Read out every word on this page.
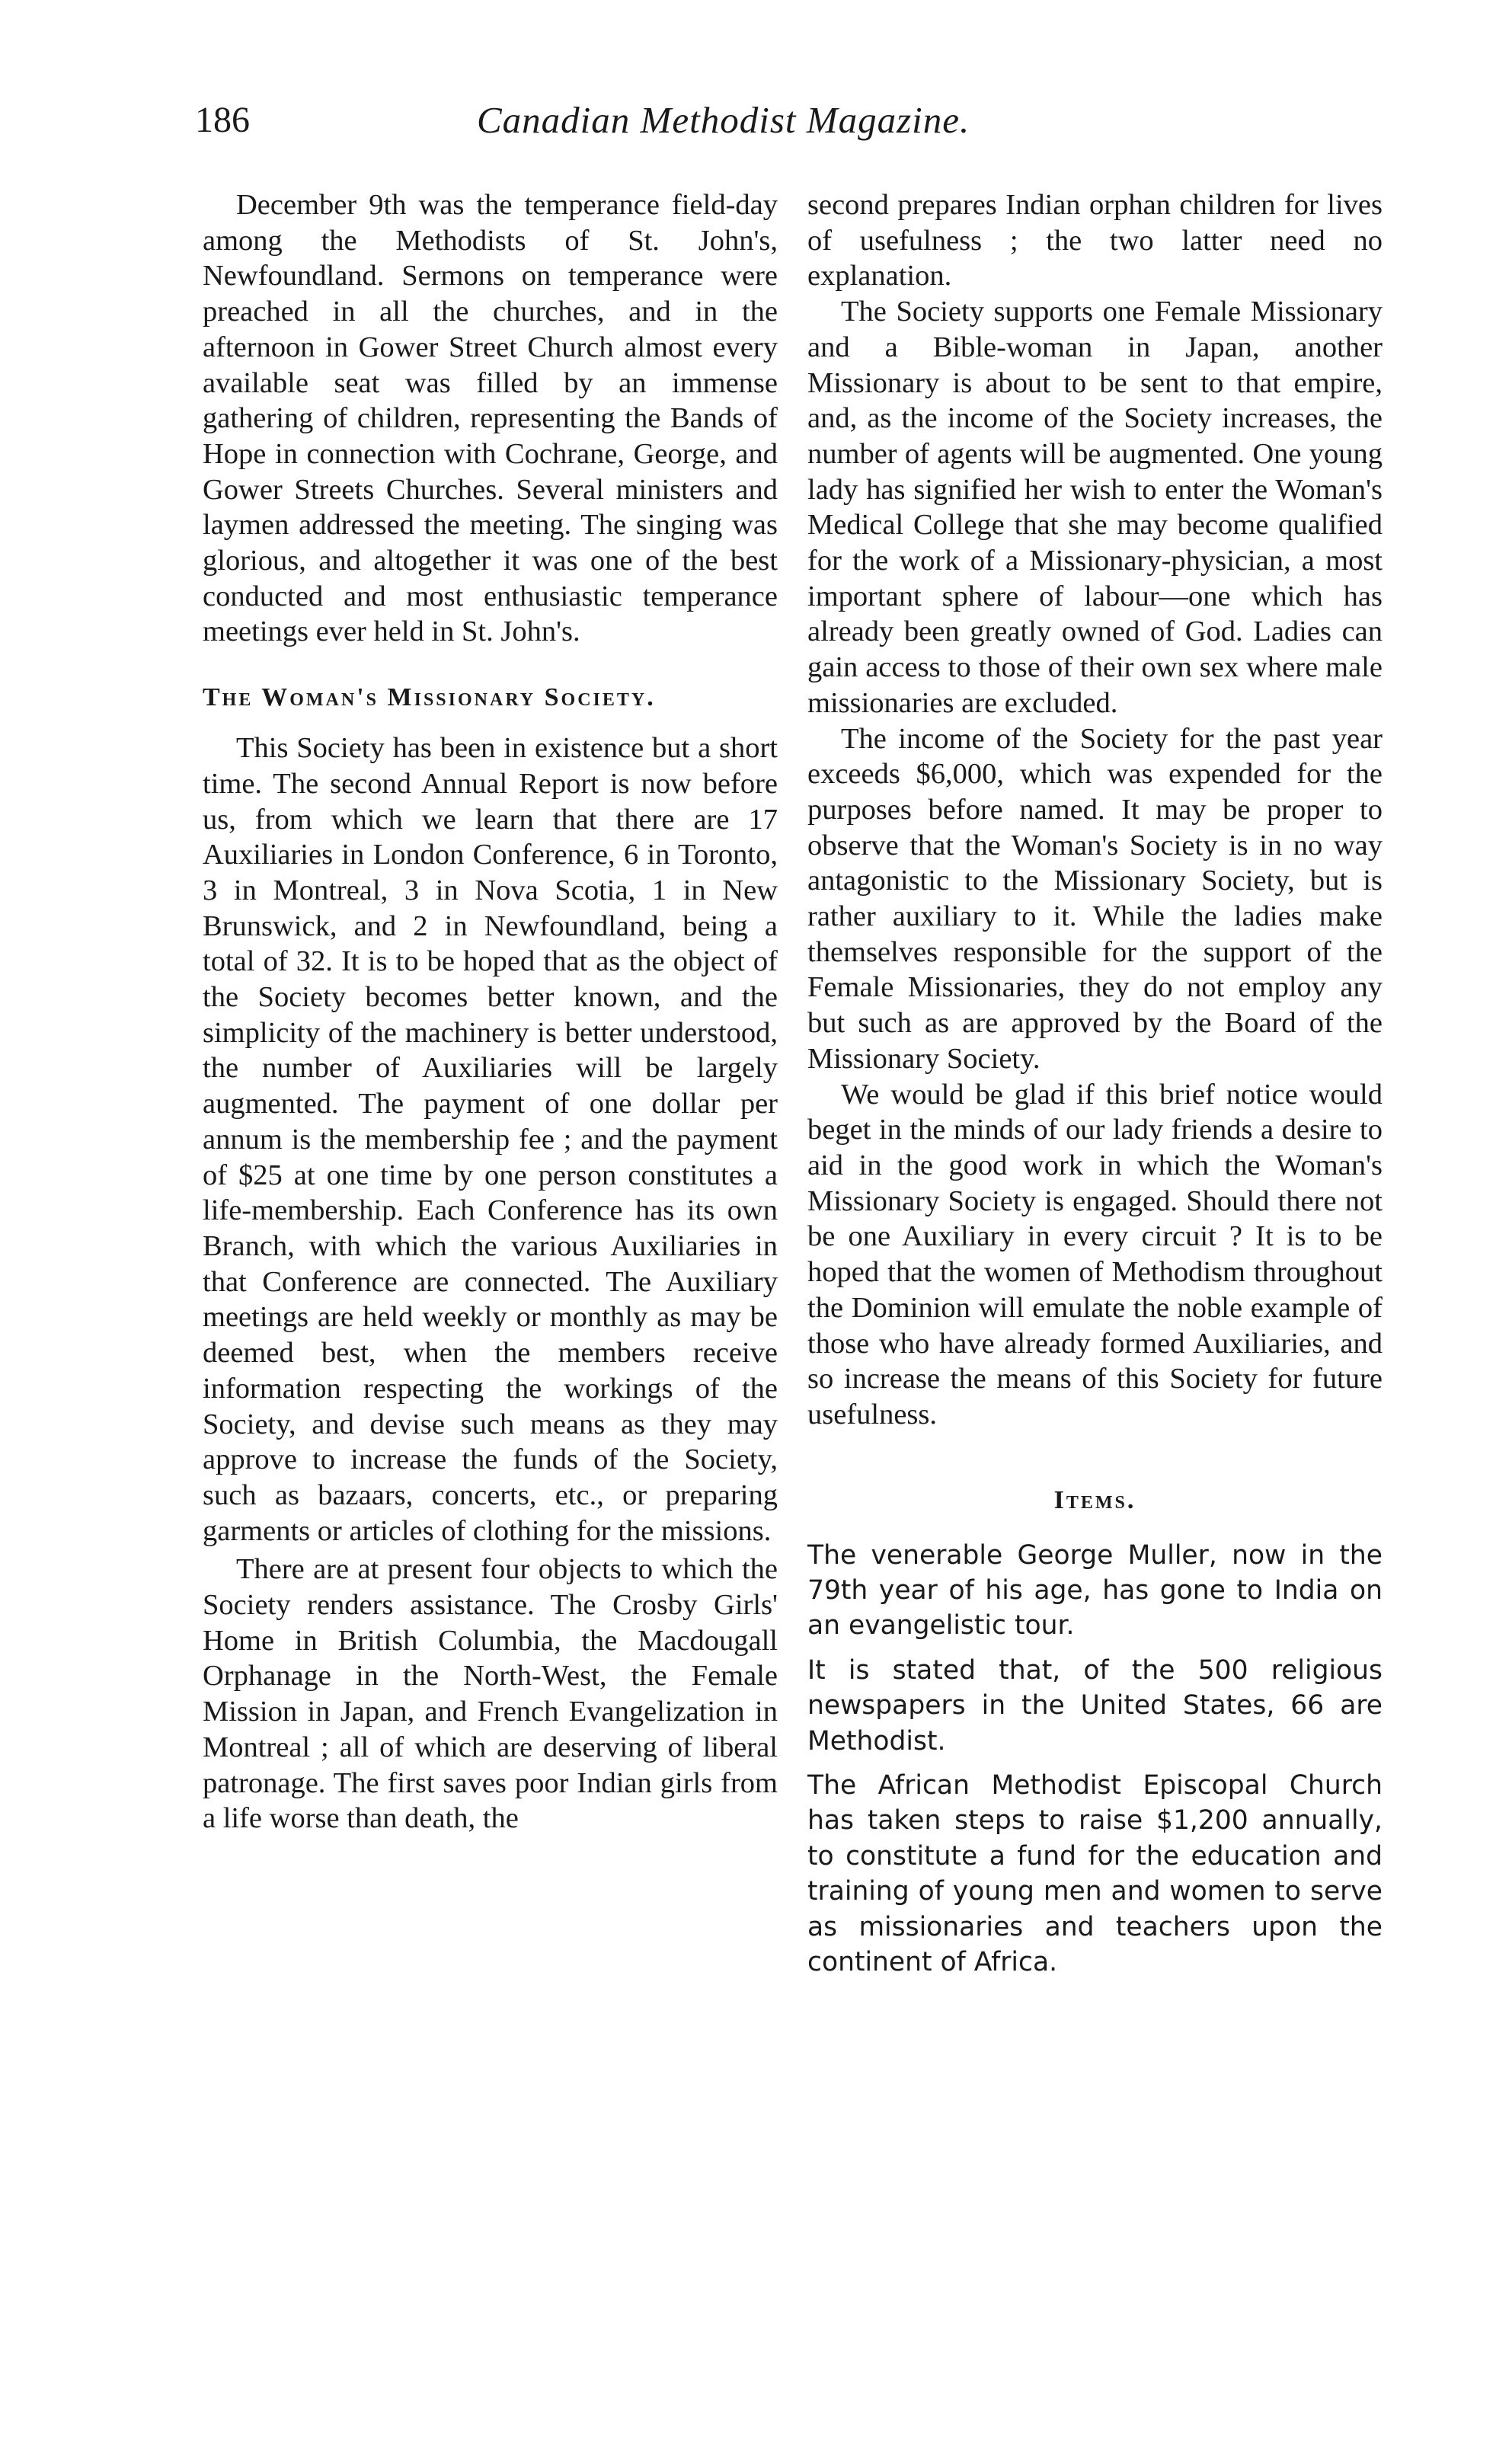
186	Canadian Methodist Magazine.

December 9th was the temperance field-day among the Methodists of St. John's, Newfoundland. Sermons on temperance were preached in all the churches, and in the afternoon in Gower Street Church almost every available seat was filled by an immense gathering of children, representing the Bands of Hope in connection with Cochrane, George, and Gower Streets Churches. Several ministers and laymen addressed the meeting. The singing was glorious, and altogether it was one of the best conducted and most enthusiastic temperance meetings ever held in St. John's.

The Woman's Missionary Society.

This Society has been in existence but a short time. The second Annual Report is now before us, from which we learn that there are 17 Auxiliaries in London Conference, 6 in Toronto, 3 in Montreal, 3 in Nova Scotia, 1 in New Brunswick, and 2 in Newfoundland, being a total of 32. It is to be hoped that as the object of the Society becomes better known, and the simplicity of the machinery is better understood, the number of Auxiliaries will be largely augmented. The payment of one dollar per annum is the membership fee ; and the payment of $25 at one time by one person constitutes a life-membership. Each Conference has its own Branch, with which the various Auxiliaries in that Conference are connected. The Auxiliary meetings are held weekly or monthly as may be deemed best, when the members receive information respecting the workings of the Society, and devise such means as they may approve to increase the funds of the Society, such as bazaars, concerts, etc., or preparing garments or articles of clothing for the missions.

There are at present four objects to which the Society renders assistance. The Crosby Girls' Home in British Columbia, the Macdougall Orphanage in the North-West, the Female Mission in Japan, and French Evangelization in Montreal ; all of which are deserving of liberal patronage. The first saves poor Indian girls from a life worse than death, the

second prepares Indian orphan children for lives of usefulness ; the two latter need no explanation.

The Society supports one Female Missionary and a Bible-woman in Japan, another Missionary is about to be sent to that empire, and, as the income of the Society increases, the number of agents will be augmented. One young lady has signified her wish to enter the Woman's Medical College that she may become qualified for the work of a Missionary-physician, a most important sphere of labour—one which has already been greatly owned of God. Ladies can gain access to those of their own sex where male missionaries are excluded.

The income of the Society for the past year exceeds $6,000, which was expended for the purposes before named. It may be proper to observe that the Woman's Society is in no way antagonistic to the Missionary Society, but is rather auxiliary to it. While the ladies make themselves responsible for the support of the Female Missionaries, they do not employ any but such as are approved by the Board of the Missionary Society.

We would be glad if this brief notice would beget in the minds of our lady friends a desire to aid in the good work in which the Woman's Missionary Society is engaged. Should there not be one Auxiliary in every circuit ? It is to be hoped that the women of Methodism throughout the Dominion will emulate the noble example of those who have already formed Auxiliaries, and so increase the means of this Society for future usefulness.

Items.

The venerable George Muller, now in the 79th year of his age, has gone to India on an evangelistic tour.

It is stated that, of the 500 religious newspapers in the United States, 66 are Methodist.

The African Methodist Episcopal Church has taken steps to raise $1,200 annually, to constitute a fund for the education and training of young men and women to serve as missionaries and teachers upon the continent of Africa.
